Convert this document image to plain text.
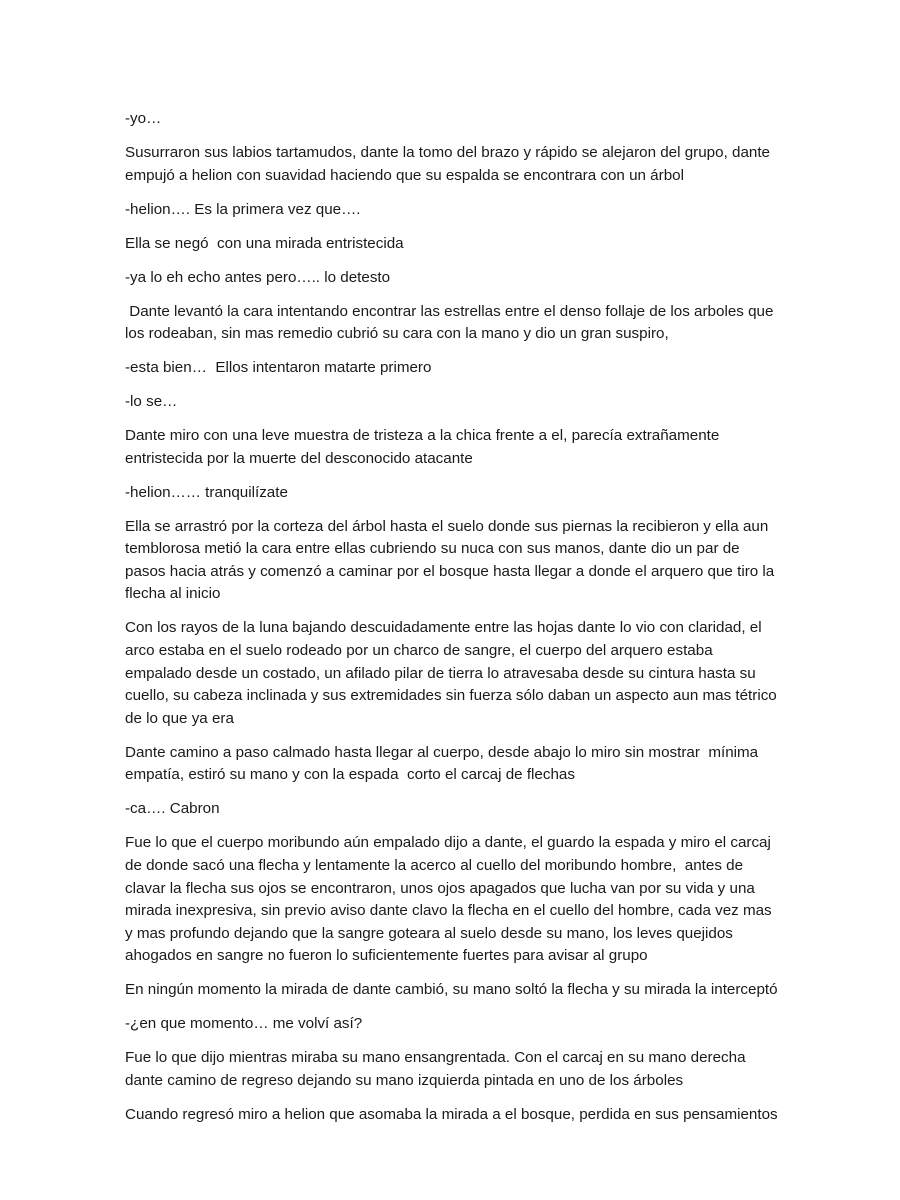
-yo…

Susurraron sus labios tartamudos, dante la tomo del brazo y rápido se alejaron del grupo, dante empujó a helion con suavidad haciendo que su espalda se encontrara con un árbol

-helion…. Es la primera vez que….

Ella se negó  con una mirada entristecida

-ya lo eh echo antes pero….. lo detesto

Dante levantó la cara intentando encontrar las estrellas entre el denso follaje de los arboles que los rodeaban, sin mas remedio cubrió su cara con la mano y dio un gran suspiro,

-esta bien…  Ellos intentaron matarte primero

-lo se…

Dante miro con una leve muestra de tristeza a la chica frente a el, parecía extrañamente entristecida por la muerte del desconocido atacante

-helion…… tranquilízate

Ella se arrastró por la corteza del árbol hasta el suelo donde sus piernas la recibieron y ella aun temblorosa metió la cara entre ellas cubriendo su nuca con sus manos, dante dio un par de pasos hacia atrás y comenzó a caminar por el bosque hasta llegar a donde el arquero que tiro la flecha al inicio

Con los rayos de la luna bajando descuidadamente entre las hojas dante lo vio con claridad, el arco estaba en el suelo rodeado por un charco de sangre, el cuerpo del arquero estaba empalado desde un costado, un afilado pilar de tierra lo atravesaba desde su cintura hasta su cuello, su cabeza inclinada y sus extremidades sin fuerza sólo daban un aspecto aun mas tétrico de lo que ya era

Dante camino a paso calmado hasta llegar al cuerpo, desde abajo lo miro sin mostrar  mínima empatía, estiró su mano y con la espada  corto el carcaj de flechas

-ca…. Cabron

Fue lo que el cuerpo moribundo aún empalado dijo a dante, el guardo la espada y miro el carcaj de donde sacó una flecha y lentamente la acerco al cuello del moribundo hombre,  antes de clavar la flecha sus ojos se encontraron, unos ojos apagados que lucha van por su vida y una mirada inexpresiva, sin previo aviso dante clavo la flecha en el cuello del hombre, cada vez mas y mas profundo dejando que la sangre goteara al suelo desde su mano, los leves quejidos ahogados en sangre no fueron lo suficientemente fuertes para avisar al grupo

En ningún momento la mirada de dante cambió, su mano soltó la flecha y su mirada la interceptó

-¿en que momento… me volví así?

Fue lo que dijo mientras miraba su mano ensangrentada. Con el carcaj en su mano derecha dante camino de regreso dejando su mano izquierda pintada en uno de los árboles

Cuando regresó miro a helion que asomaba la mirada a el bosque, perdida en sus pensamientos
